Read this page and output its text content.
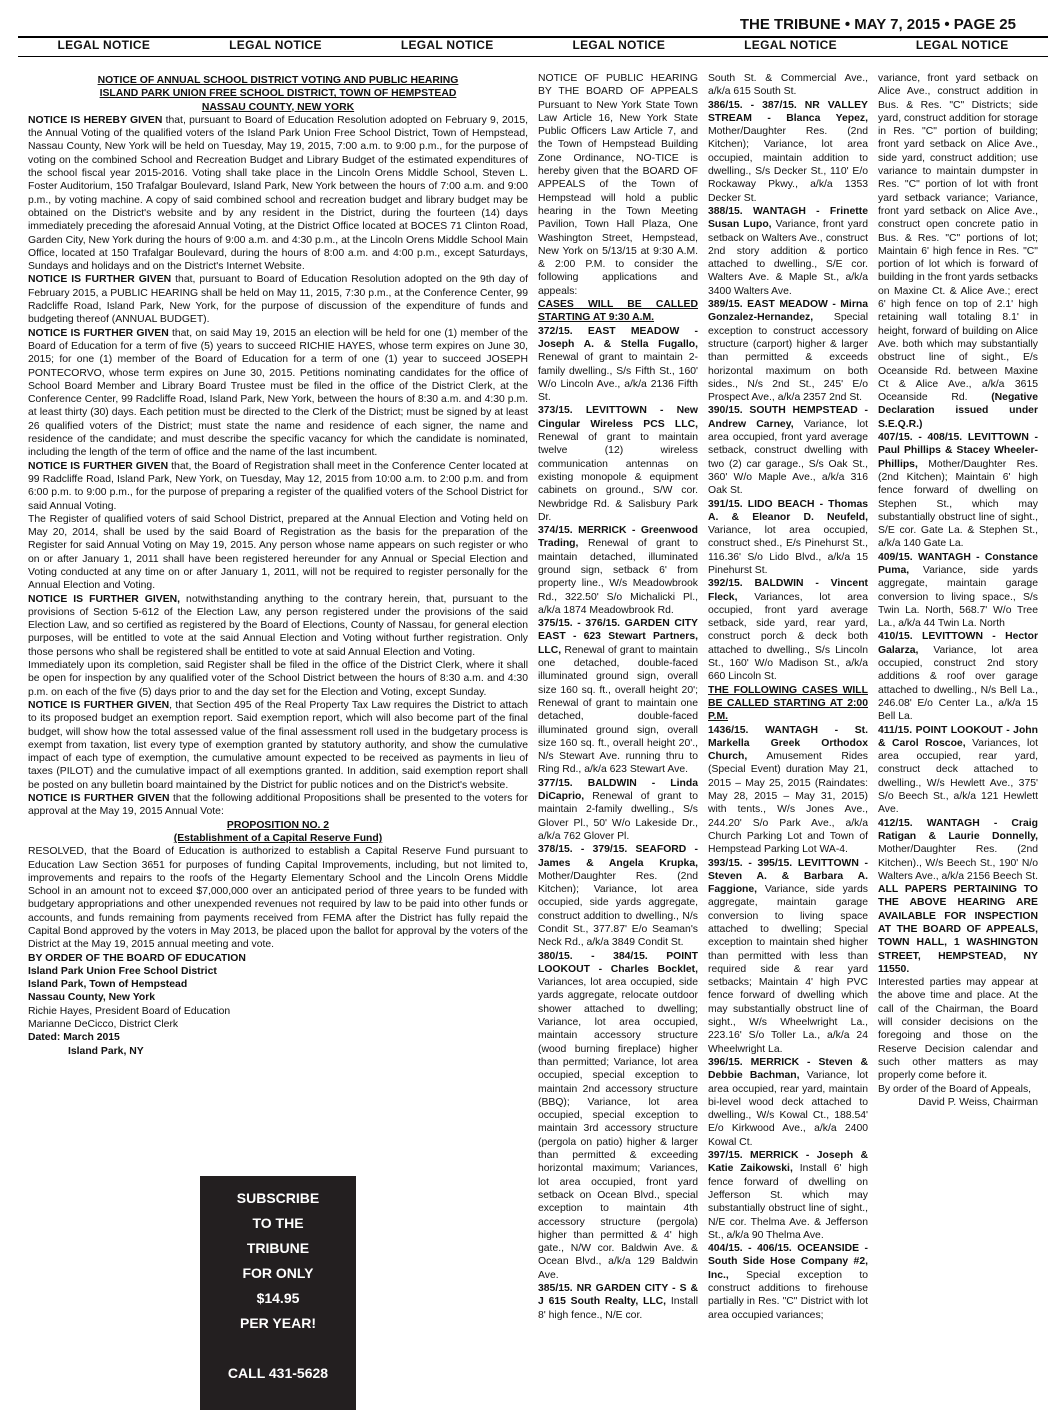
THE TRIBUNE • MAY 7, 2015 • PAGE 25
LEGAL NOTICE	LEGAL NOTICE	LEGAL NOTICE	LEGAL NOTICE	LEGAL NOTICE	LEGAL NOTICE

NOTICE OF ANNUAL SCHOOL DISTRICT VOTING AND PUBLIC HEARING

ISLAND PARK UNION FREE SCHOOL DISTRICT, TOWN OF HEMPSTEAD

NASSAU COUNTY, NEW YORK

NOTICE IS HEREBY GIVEN that, pursuant to Board of Education Resolution adopted on February 9, 2015, the Annual Voting of the qualified voters of the Island Park Union Free School District, Town of Hempstead, Nassau County, New York will be held on Tuesday, May 19, 2015, 7:00 a.m. to 9:00 p.m., for the purpose of voting on the combined School and Recreation Budget and Library Budget of the estimated expenditures of the school fiscal year 2015-2016. Voting shall take place in the Lincoln Orens Middle School, Steven L. Foster Auditorium, 150 Trafalgar Boulevard, Island Park, New York between the hours of 7:00 a.m. and 9:00 p.m., by voting machine. A copy of said combined school and recreation budget and library budget may be obtained on the District's website and by any resident in the District, during the fourteen (14) days immediately preceding the aforesaid Annual Voting, at the District Office located at BOCES 71 Clinton Road, Garden City, New York during the hours of 9:00 a.m. and 4:30 p.m., at the Lincoln Orens Middle School Main Office, located at 150 Trafalgar Boulevard, during the hours of 8:00 a.m. and 4:00 p.m., except Saturdays, Sundays and holidays and on the District's Internet Website.

NOTICE IS FURTHER GIVEN that, pursuant to Board of Education Resolution adopted on the 9th day of February 2015, a PUBLIC HEARING shall be held on May 11, 2015, 7:30 p.m., at the Conference Center, 99 Radcliffe Road, Island Park, New York, for the purpose of discussion of the expenditure of funds and budgeting thereof (ANNUAL BUDGET).

NOTICE IS FURTHER GIVEN that, on said May 19, 2015 an election will be held for one (1) member of the Board of Education for a term of five (5) years to succeed RICHIE HAYES, whose term expires on June 30, 2015; for one (1) member of the Board of Education for a term of one (1) year to succeed JOSEPH PONTECORVO, whose term expires on June 30, 2015. Petitions nominating candidates for the office of School Board Member and Library Board Trustee must be filed in the office of the District Clerk, at the Conference Center, 99 Radcliffe Road, Island Park, New York, between the hours of 8:30 a.m. and 4:30 p.m. at least thirty (30) days. Each petition must be directed to the Clerk of the District; must be signed by at least 26 qualified voters of the District; must state the name and residence of each signer, the name and residence of the candidate; and must describe the specific vacancy for which the candidate is nominated, including the length of the term of office and the name of the last incumbent.

NOTICE IS FURTHER GIVEN that, the Board of Registration shall meet in the Conference Center located at 99 Radcliffe Road, Island Park, New York, on Tuesday, May 12, 2015 from 10:00 a.m. to 2:00 p.m. and from 6:00 p.m. to 9:00 p.m., for the purpose of preparing a register of the qualified voters of the School District for said Annual Voting.

The Register of qualified voters of said School District, prepared at the Annual Election and Voting held on May 20, 2014, shall be used by the said Board of Registration as the basis for the preparation of the Register for said Annual Voting on May 19, 2015. Any person whose name appears on such register or who on or after January 1, 2011 shall have been registered hereunder for any Annual or Special Election and Voting conducted at any time on or after January 1, 2011, will not be required to register personally for the Annual Election and Voting.

NOTICE IS FURTHER GIVEN, notwithstanding anything to the contrary herein, that, pursuant to the provisions of Section 5-612 of the Election Law, any person registered under the provisions of the said Election Law, and so certified as registered by the Board of Elections, County of Nassau, for general election purposes, will be entitled to vote at the said Annual Election and Voting without further registration. Only those persons who shall be registered shall be entitled to vote at said Annual Election and Voting.

Immediately upon its completion, said Register shall be filed in the office of the District Clerk, where it shall be open for inspection by any qualified voter of the School District between the hours of 8:30 a.m. and 4:30 p.m. on each of the five (5) days prior to and the day set for the Election and Voting, except Sunday.

NOTICE IS FURTHER GIVEN, that Section 495 of the Real Property Tax Law requires the District to attach to its proposed budget an exemption report. Said exemption report, which will also become part of the final budget, will show how the total assessed value of the final assessment roll used in the budgetary process is exempt from taxation, list every type of exemption granted by statutory authority, and show the cumulative impact of each type of exemption, the cumulative amount expected to be received as payments in lieu of taxes (PILOT) and the cumulative impact of all exemptions granted. In addition, said exemption report shall be posted on any bulletin board maintained by the District for public notices and on the District's website.

NOTICE IS FURTHER GIVEN that the following additional Propositions shall be presented to the voters for approval at the May 19, 2015 Annual Vote:

PROPOSITION NO. 2

(Establishment of a Capital Reserve Fund)

RESOLVED, that the Board of Education is authorized to establish a Capital Reserve Fund pursuant to Education Law Section 3651 for purposes of funding Capital Improvements, including, but not limited to, improvements and repairs to the roofs of the Hegarty Elementary School and the Lincoln Orens Middle School in an amount not to exceed $7,000,000 over an anticipated period of three years to be funded with budgetary appropriations and other unexpended revenues not required by law to be paid into other funds or accounts, and funds remaining from payments received from FEMA after the District has fully repaid the Capital Bond approved by the voters in May 2013, be placed upon the ballot for approval by the voters of the District at the May 19, 2015 annual meeting and vote.

BY ORDER OF THE BOARD OF EDUCATION

Island Park Union Free School District

Island Park, Town of Hempstead

Nassau County, New York

Richie Hayes, President Board of Education

Marianne DeCicco, District Clerk

Dated: March 2015

Island Park, NY

SUBSCRIBE
TO THE
TRIBUNE
FOR ONLY
$14.95
PER YEAR!
CALL 431-5628

NOTICE OF PUBLIC HEARING BY THE BOARD OF APPEALS Pursuant to New York State Town Law Article 16, New York State Public Officers Law Article 7, and the Town of Hempstead Building Zone Ordinance, NO-TICE is hereby given that the BOARD OF APPEALS of the Town of Hempstead will hold a public hearing in the Town Meeting Pavilion, Town Hall Plaza, One Washington Street, Hempstead, New York on 5/13/15 at 9:30 A.M. & 2:00 P.M. to consider the following applications and appeals:

CASES WILL BE CALLED STARTING AT 9:30 A.M.

372/15. EAST MEADOW - Joseph A. & Stella Fugallo, Renewal of grant to maintain 2-family dwelling., S/s Fifth St., 160' W/o Lincoln Ave., a/k/a 2136 Fifth St.

373/15. LEVITTOWN - New Cingular Wireless PCS LLC, Renewal of grant to maintain twelve (12) wireless communication antennas on existing monopole & equipment cabinets on ground., S/W cor. Newbridge Rd. & Salisbury Park Dr.

374/15. MERRICK - Greenwood Trading, Renewal of grant to maintain detached, illuminated ground sign, setback 6' from property line., W/s Meadowbrook Rd., 322.50' S/o Michalicki Pl., a/k/a 1874 Meadowbrook Rd.

375/15. - 376/15. GARDEN CITY EAST - 623 Stewart Partners, LLC, Renewal of grant to maintain one detached, double-faced illuminated ground sign, overall size 160 sq. ft., overall height 20'; Renewal of grant to maintain one detached, double-faced illuminated ground sign, overall size 160 sq. ft., overall height 20'., N/s Stewart Ave. running thru to Ring Rd., a/k/a 623 Stewart Ave.

377/15. BALDWIN - Linda DiCaprio, Renewal of grant to maintain 2-family dwelling., S/s Glover Pl., 50' W/o Lakeside Dr., a/k/a 762 Glover Pl.

378/15. - 379/15. SEAFORD - James & Angela Krupka, Mother/Daughter Res. (2nd Kitchen); Variance, lot area occupied, side yards aggregate, construct addition to dwelling., N/s Condit St., 377.87' E/o Seaman's Neck Rd., a/k/a 3849 Condit St.

380/15. - 384/15. POINT LOOKOUT - Charles Bocklet, Variances, lot area occupied, side yards aggregate, relocate outdoor shower attached to dwelling; Variance, lot area occupied, maintain accessory structure (wood burning fireplace) higher than permitted; Variance, lot area occupied, special exception to maintain 2nd accessory structure (BBQ); Variance, lot area occupied, special exception to maintain 3rd accessory structure (pergola on patio) higher & larger than permitted & exceeding horizontal maximum; Variances, lot area occupied, front yard setback on Ocean Blvd., special exception to maintain 4th accessory structure (pergola) higher than permitted & 4' high gate., N/W cor. Baldwin Ave. & Ocean Blvd., a/k/a 129 Baldwin Ave.

385/15. NR GARDEN CITY - S & J 615 South Realty, LLC, Install 8' high fence., N/E cor.

South St. & Commercial Ave., a/k/a 615 South St.

386/15. - 387/15. NR VALLEY STREAM - Blanca Yepez, Mother/Daughter Res. (2nd Kitchen); Variance, lot area occupied, maintain addition to dwelling., S/s Decker St., 110' E/o Rockaway Pkwy., a/k/a 1353 Decker St.

388/15. WANTAGH - Frinette Susan Lupo, Variance, front yard setback on Walters Ave., construct 2nd story addition & portico attached to dwelling., S/E cor. Walters Ave. & Maple St., a/k/a 3400 Walters Ave.

389/15. EAST MEADOW - Mirna Gonzalez-Hernandez, Special exception to construct accessory structure (carport) higher & larger than permitted & exceeds horizontal maximum on both sides., N/s 2nd St., 245' E/o Prospect Ave., a/k/a 2357 2nd St.

390/15. SOUTH HEMPSTEAD - Andrew Carney, Variance, lot area occupied, front yard average setback, construct dwelling with two (2) car garage., S/s Oak St., 360' W/o Maple Ave., a/k/a 316 Oak St.

391/15. LIDO BEACH - Thomas A. & Eleanor D. Neufeld, Variance, lot area occupied, construct shed., E/s Pinehurst St., 116.36' S/o Lido Blvd., a/k/a 15 Pinehurst St.

392/15. BALDWIN - Vincent Fleck, Variances, lot area occupied, front yard average setback, side yard, rear yard, construct porch & deck both attached to dwelling., S/s Lincoln St., 160' W/o Madison St., a/k/a 660 Lincoln St.

THE FOLLOWING CASES WILL BE CALLED STARTING AT 2:00 P.M.

1436/15. WANTAGH - St. Markella Greek Orthodox Church, Amusement Rides (Special Event) duration May 21, 2015 – May 25, 2015 (Raindates: May 28, 2015 – May 31, 2015) with tents., W/s Jones Ave., 244.20' S/o Park Ave., a/k/a Church Parking Lot and Town of Hempstead Parking Lot WA-4.

393/15. - 395/15. LEVITTOWN - Steven A. & Barbara A. Faggione, Variance, side yards aggregate, maintain garage conversion to living space attached to dwelling; Special exception to maintain shed higher than permitted with less than required side & rear yard setbacks; Maintain 4' high PVC fence forward of dwelling which may substantially obstruct line of sight., W/s Wheelwright La., 223.16' S/o Toller La., a/k/a 24 Wheelwright La.

396/15. MERRICK - Steven & Debbie Bachman, Variance, lot area occupied, rear yard, maintain bi-level wood deck attached to dwelling., W/s Kowal Ct., 188.54' E/o Kirkwood Ave., a/k/a 2400 Kowal Ct.

397/15. MERRICK - Joseph & Katie Zaikowski, Install 6' high fence forward of dwelling on Jefferson St. which may substantially obstruct line of sight., N/E cor. Thelma Ave. & Jefferson St., a/k/a 90 Thelma Ave.

404/15. - 406/15. OCEANSIDE - South Side Hose Company #2, Inc., Special exception to construct additions to firehouse partially in Res. "C" District with lot area occupied variances;

variance, front yard setback on Alice Ave., construct addition in Bus. & Res. "C" Districts; side yard, construct addition for storage in Res. "C" portion of building; front yard setback on Alice Ave., side yard, construct addition; use variance to maintain dumpster in Res. "C" portion of lot with front yard setback variance; Variance, front yard setback on Alice Ave., construct open concrete patio in Bus. & Res. "C" portions of lot; Maintain 6' high fence in Res. "C" portion of lot which is forward of building in the front yards setbacks on Maxine Ct. & Alice Ave.; erect 6' high fence on top of 2.1' high retaining wall totaling 8.1' in height, forward of building on Alice Ave. both which may substantially obstruct line of sight., E/s Oceanside Rd. between Maxine Ct & Alice Ave., a/k/a 3615 Oceanside Rd. (Negative Declaration issued under S.E.Q.R.)

407/15. - 408/15. LEVITTOWN - Paul Phillips & Stacey Wheeler-Phillips, Mother/Daughter Res. (2nd Kitchen); Maintain 6' high fence forward of dwelling on Stephen St., which may substantially obstruct line of sight., S/E cor. Gate La. & Stephen St., a/k/a 140 Gate La.

409/15. WANTAGH - Constance Puma, Variance, side yards aggregate, maintain garage conversion to living space., S/s Twin La. North, 568.7' W/o Tree La., a/k/a 44 Twin La. North

410/15. LEVITTOWN - Hector Galarza, Variance, lot area occupied, construct 2nd story additions & roof over garage attached to dwelling., N/s Bell La., 246.08' E/o Center La., a/k/a 15 Bell La.

411/15. POINT LOOKOUT - John & Carol Roscoe, Variances, lot area occupied, rear yard, construct deck attached to dwelling., W/s Hewlett Ave., 375' S/o Beech St., a/k/a 121 Hewlett Ave.

412/15. WANTAGH - Craig Ratigan & Laurie Donnelly, Mother/Daughter Res. (2nd Kitchen)., W/s Beech St., 190' N/o Walters Ave., a/k/a 2156 Beech St.

ALL PAPERS PERTAINING TO THE ABOVE HEARING ARE AVAILABLE FOR INSPECTION AT THE BOARD OF APPEALS, TOWN HALL, 1 WASHINGTON STREET, HEMPSTEAD, NY 11550.

Interested parties may appear at the above time and place. At the call of the Chairman, the Board will consider decisions on the foregoing and those on the Reserve Decision calendar and such other matters as may properly come before it.

By order of the Board of Appeals,

David P. Weiss, Chairman
